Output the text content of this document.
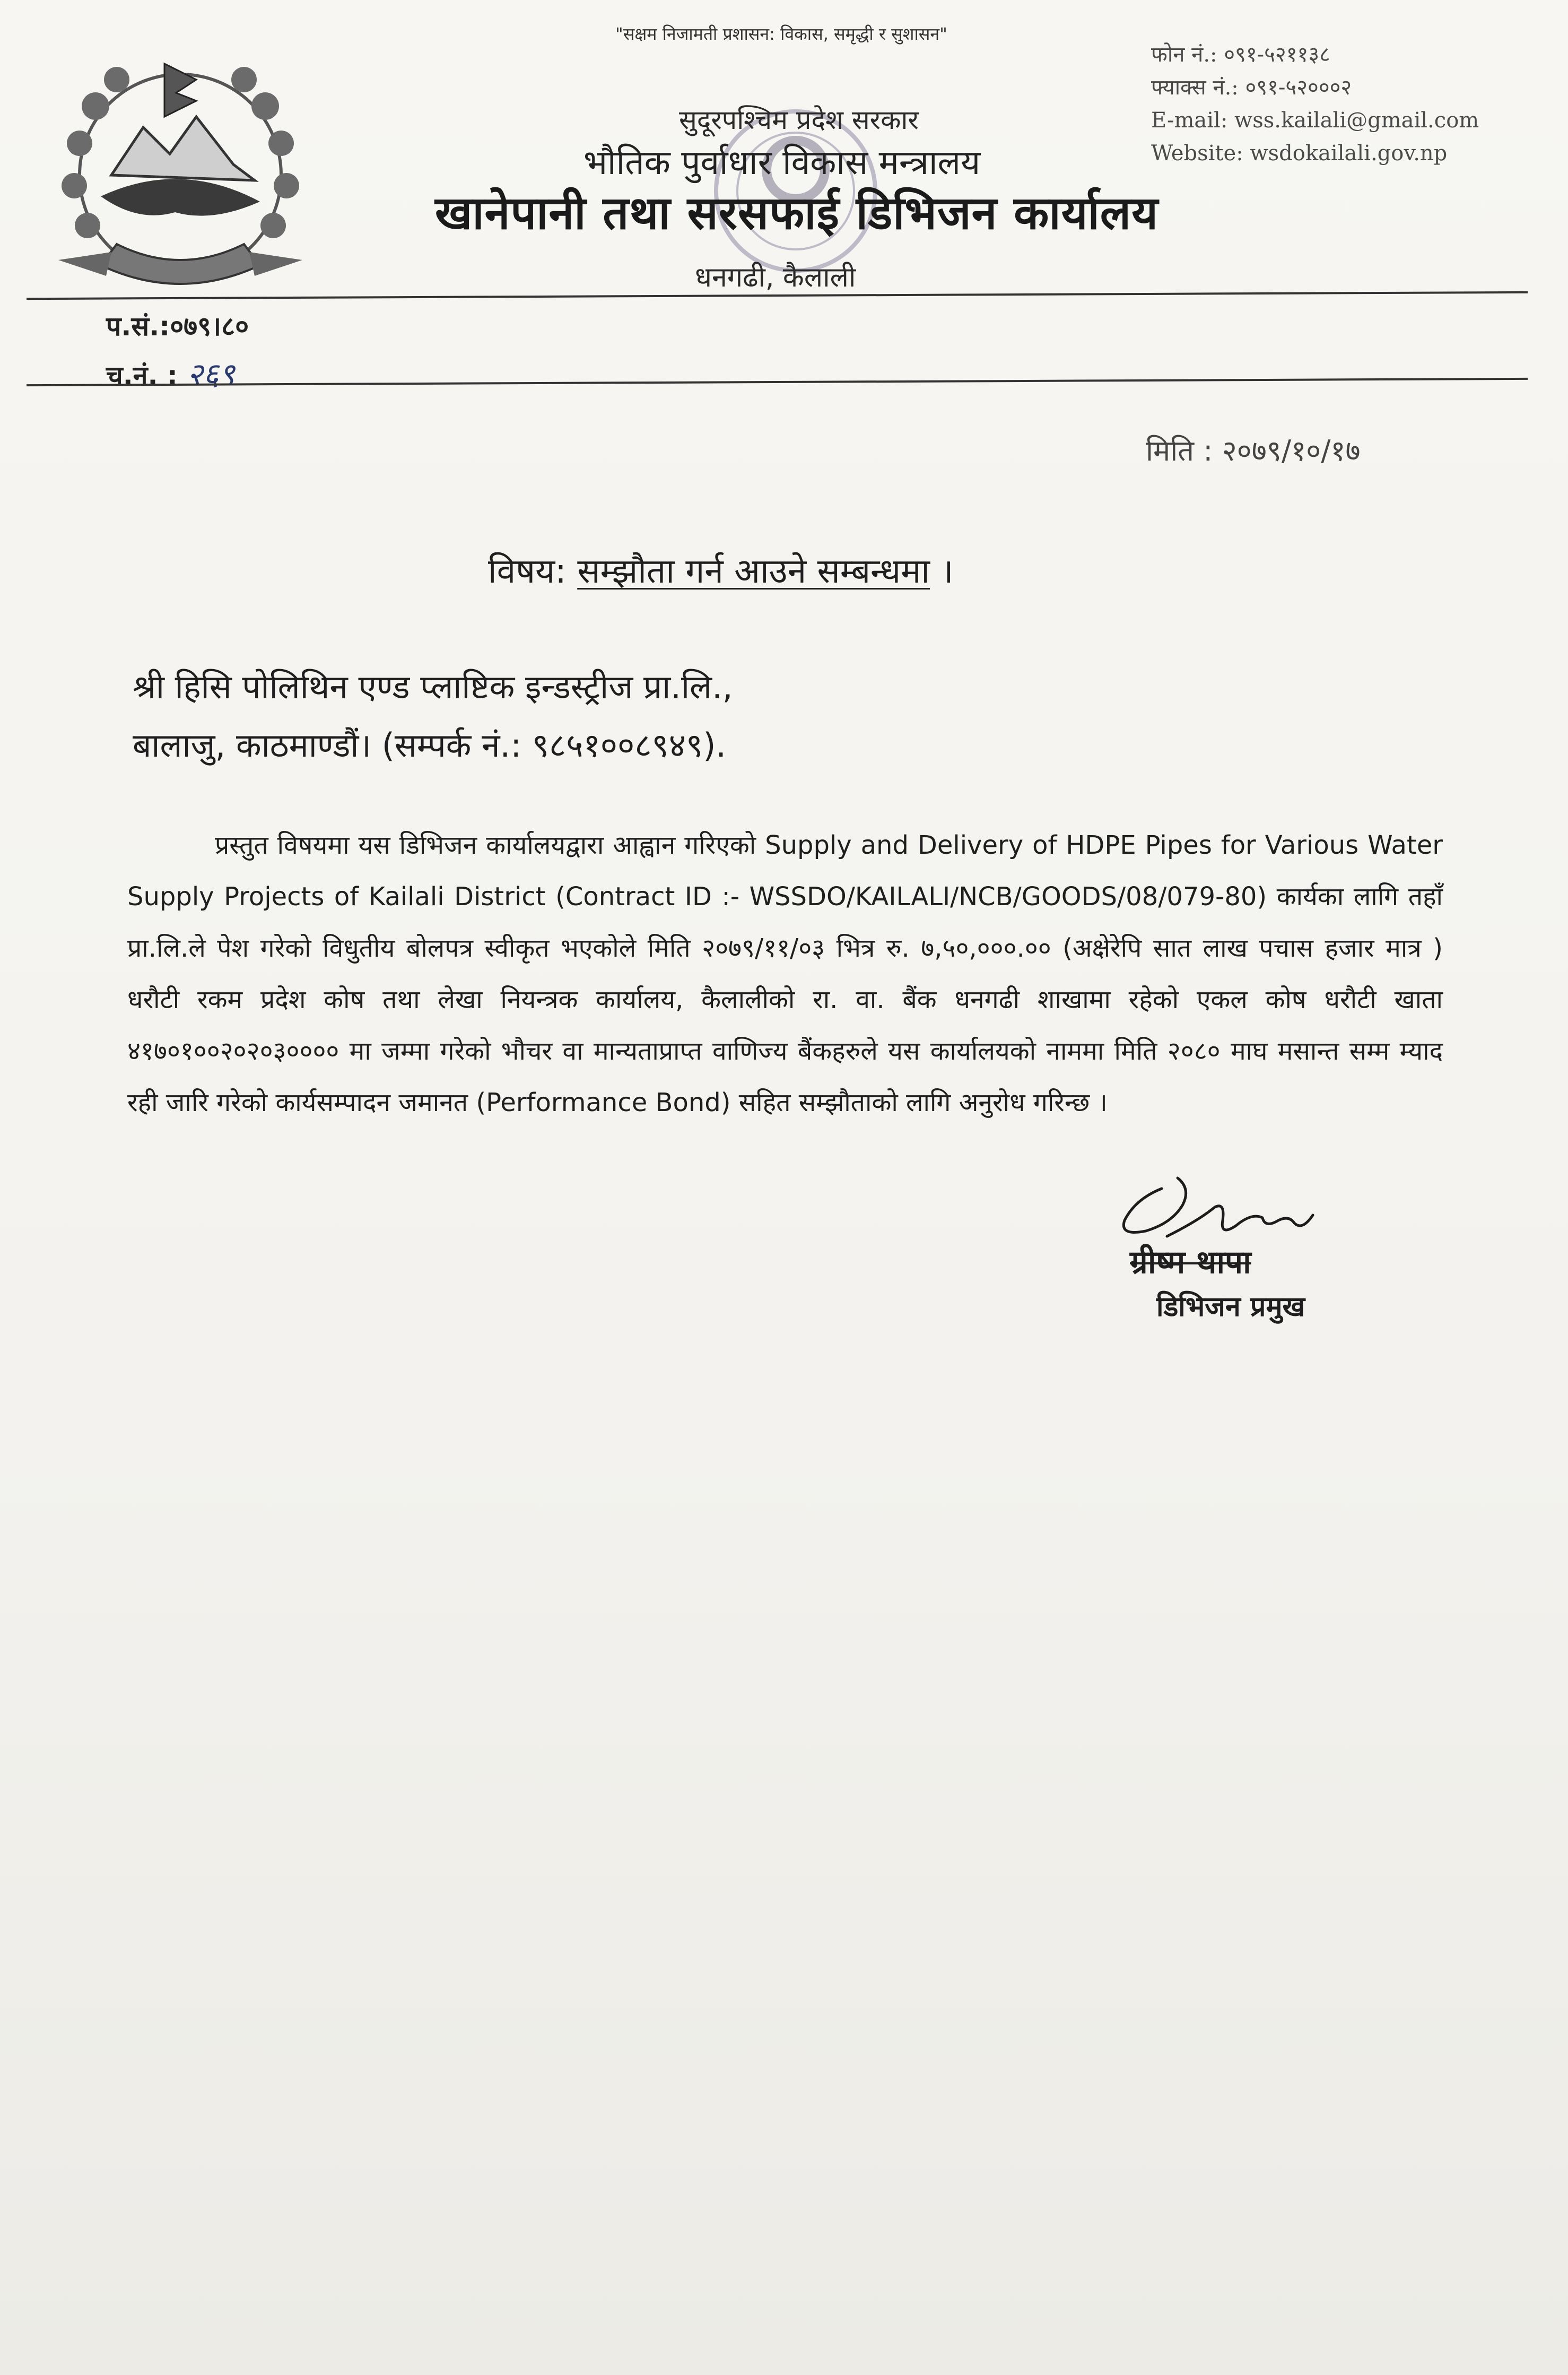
"सक्षम निजामती प्रशासन: विकास, समृद्धी र सुशासन"
सुदूरपश्चिम प्रदेश सरकार
भौतिक पुर्वाधार विकास मन्त्रालय
खानेपानी तथा सरसफाई डिभिजन कार्यालय
धनगढी, कैलाली
फोन नं.: ०९१-५२११३८
फ्याक्स नं.: ०९१-५२०००२
E-mail: wss.kailali@gmail.com
Website: wsdokailali.gov.np
प.सं.:०७९।८०
च.नं. : २६९
मिति : २०७९/१०/१७
विषय: सम्झौता गर्न आउने सम्बन्धमा ।
श्री हिसि पोलिथिन एण्ड प्लाष्टिक इन्डस्ट्रीज प्रा.लि.,
बालाजु, काठमाण्डौं। (सम्पर्क नं.: ९८५१००८९४९).

प्रस्तुत विषयमा यस डिभिजन कार्यालयद्वारा आह्वान गरिएको Supply and Delivery of HDPE Pipes for Various Water Supply Projects of Kailali District (Contract ID :- WSSDO/KAILALI/NCB/GOODS/08/079-80) कार्यका लागि तहाँ प्रा.लि.ले पेश गरेको विधुतीय बोलपत्र स्वीकृत भएकोले मिति २०७९/११/०३ भित्र रु. ७,५०,०००.०० (अक्षेरेपि सात लाख पचास हजार मात्र ) धरौटी रकम प्रदेश कोष तथा लेखा नियन्त्रक कार्यालय, कैलालीको रा. वा. बैंक धनगढी शाखामा रहेको एकल कोष धरौटी खाता ४१७०१००२०२०३०००० मा जम्मा गरेको भौचर वा मान्यताप्राप्त वाणिज्य बैंकहरुले यस कार्यालयको नाममा मिति २०८० माघ मसान्त सम्म म्याद रही जारि गरेको कार्यसम्पादन जमानत (Performance Bond) सहित सम्झौताको लागि अनुरोध गरिन्छ ।

ग्रीष्म थापा
डिभिजन प्रमुख
